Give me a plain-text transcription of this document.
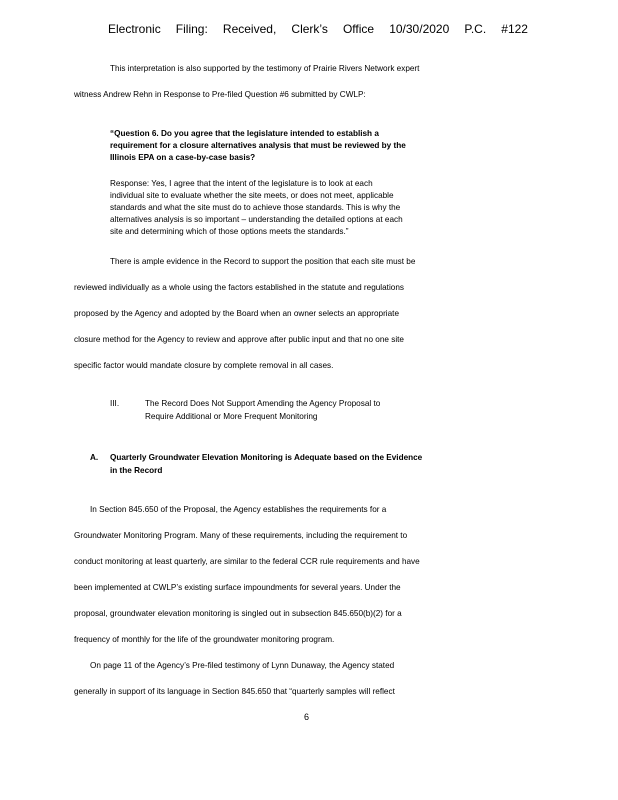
Electronic Filing: Received, Clerk’s Office 10/30/2020 P.C. #122
This interpretation is also supported by the testimony of Prairie Rivers Network expert
witness Andrew Rehn in Response to Pre-filed Question #6 submitted by CWLP:
“Question 6. Do you agree that the legislature intended to establish a
requirement for a closure alternatives analysis that must be reviewed by the
Illinois EPA on a case-by-case basis?
Response: Yes, I agree that the intent of the legislature is to look at each
individual site to evaluate whether the site meets, or does not meet, applicable
standards and what the site must do to achieve those standards. This is why the
alternatives analysis is so important – understanding the detailed options at each
site and determining which of those options meets the standards.”
There is ample evidence in the Record to support the position that each site must be
reviewed individually as a whole using the factors established in the statute and regulations
proposed by the Agency and adopted by the Board when an owner selects an appropriate
closure method for the Agency to review and approve after public input and that no one site
specific factor would mandate closure by complete removal in all cases.
III.	The Record Does Not Support Amending the Agency Proposal to
Require Additional or More Frequent Monitoring
A. Quarterly Groundwater Elevation Monitoring is Adequate based on the Evidence
in the Record
In Section 845.650 of the Proposal, the Agency establishes the requirements for a
Groundwater Monitoring Program. Many of these requirements, including the requirement to
conduct monitoring at least quarterly, are similar to the federal CCR rule requirements and have
been implemented at CWLP’s existing surface impoundments for several years. Under the
proposal, groundwater elevation monitoring is singled out in subsection 845.650(b)(2) for a
frequency of monthly for the life of the groundwater monitoring program.
On page 11 of the Agency’s Pre-filed testimony of Lynn Dunaway, the Agency stated
generally in support of its language in Section 845.650 that “quarterly samples will reflect
6
